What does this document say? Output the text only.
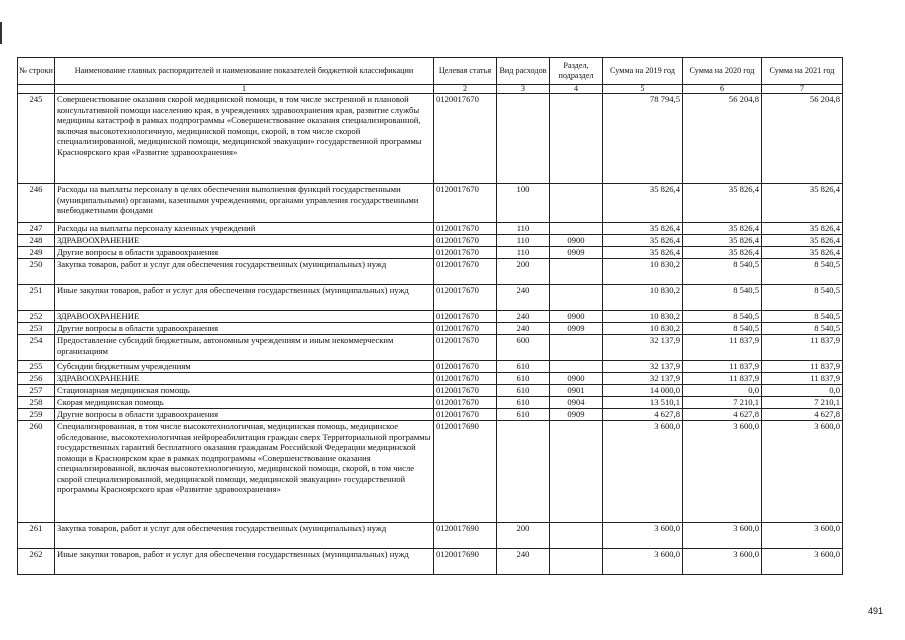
№ строки	Наименование главных распорядителей и наименование показателей бюджетной классификации	Целевая статья	Вид расходов	Раздел, подраздел	Сумма на 2019 год	Сумма на 2020 год	Сумма на 2021 год
	1	2	3	4	5	6	7
245	Совершенствование оказания скорой медицинской помощи, в том числе экстренной и плановой консультативной помощи населению края, в учреждениях здравоохранения края, развитие службы медицины катастроф в рамках подпрограммы «Совершенствование оказания специализированной, включая высокотехнологичную, медицинской помощи, скорой, в том числе скорой специализированной, медицинской помощи, медицинской эвакуации» государственной программы Красноярского края «Развитие здравоохранения»	0120017670			78 794,5	56 204,8	56 204,8
246	Расходы на выплаты персоналу в целях обеспечения выполнения функций государственными (муниципальными) органами, казенными учреждениями, органами управления государственными внебюджетными фондами	0120017670	100		35 826,4	35 826,4	35 826,4
247	Расходы на выплаты персоналу казенных учреждений	0120017670	110		35 826,4	35 826,4	35 826,4
248	ЗДРАВООХРАНЕНИЕ	0120017670	110	0900	35 826,4	35 826,4	35 826,4
249	Другие вопросы в области здравоохранения	0120017670	110	0909	35 826,4	35 826,4	35 826,4
250	Закупка товаров, работ и услуг для обеспечения государственных (муниципальных) нужд	0120017670	200		10 830,2	8 540,5	8 540,5
251	Иные закупки товаров, работ и услуг для обеспечения государственных (муниципальных) нужд	0120017670	240		10 830,2	8 540,5	8 540,5
252	ЗДРАВООХРАНЕНИЕ	0120017670	240	0900	10 830,2	8 540,5	8 540,5
253	Другие вопросы в области здравоохранения	0120017670	240	0909	10 830,2	8 540,5	8 540,5
254	Предоставление субсидий бюджетным, автономным учреждениям и иным некоммерческим организациям	0120017670	600		32 137,9	11 837,9	11 837,9
255	Субсидии бюджетным учреждениям	0120017670	610		32 137,9	11 837,9	11 837,9
256	ЗДРАВООХРАНЕНИЕ	0120017670	610	0900	32 137,9	11 837,9	11 837,9
257	Стационарная медицинская помощь	0120017670	610	0901	14 000,0	0,0	0,0
258	Скорая медицинская помощь	0120017670	610	0904	13 510,1	7 210,1	7 210,1
259	Другие вопросы в области здравоохранения	0120017670	610	0909	4 627,8	4 627,8	4 627,8
260	Специализированная, в том числе высокотехнологичная, медицинская помощь, медицинское обследование, высокотехнологичная нейрореабилитация граждан сверх Территориальной программы государственных гарантий бесплатного оказания гражданам Российской Федерации медицинской помощи в Красноярском крае в рамках подпрограммы «Совершенствование оказания специализированной, включая высокотехнологичную, медицинской помощи, скорой, в том числе скорой специализированной, медицинской помощи, медицинской эвакуации» государственной программы Красноярского края «Развитие здравоохранения»	0120017690			3 600,0	3 600,0	3 600,0
261	Закупка товаров, работ и услуг для обеспечения государственных (муниципальных) нужд	0120017690	200		3 600,0	3 600,0	3 600,0
262	Иные закупки товаров, работ и услуг для обеспечения государственных (муниципальных) нужд	0120017690	240		3 600,0	3 600,0	3 600,0
491
